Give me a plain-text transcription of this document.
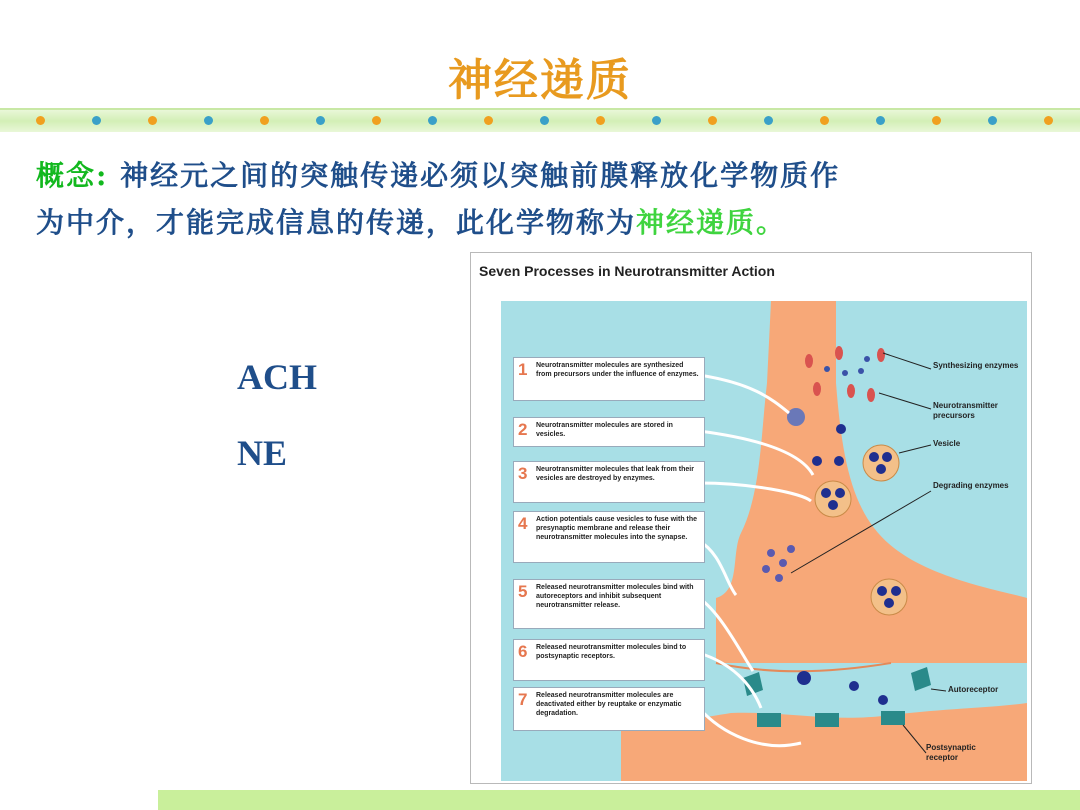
神经递质
概念: 神经元之间的突触传递必须以突触前膜释放化学物质作
为中介，才能完成信息的传递，此化学物称为神经递质。
ACH
NE
Seven Processes in Neurotransmitter Action
1 Neurotransmitter molecules are synthesized from precursors under the influence of enzymes.
2 Neurotransmitter molecules are stored in vesicles.
3 Neurotransmitter molecules that leak from their vesicles are destroyed by enzymes.
4 Action potentials cause vesicles to fuse with the presynaptic membrane and release their neurotransmitter molecules into the synapse.
5 Released neurotransmitter molecules bind with autoreceptors and inhibit subsequent neurotransmitter release.
6 Released neurotransmitter molecules bind to postsynaptic receptors.
7 Released neurotransmitter molecules are deactivated either by reuptake or enzymatic degradation.
Synthesizing enzymes
Neurotransmitter precursors
Vesicle
Degrading enzymes
Autoreceptor
Postsynaptic receptor
